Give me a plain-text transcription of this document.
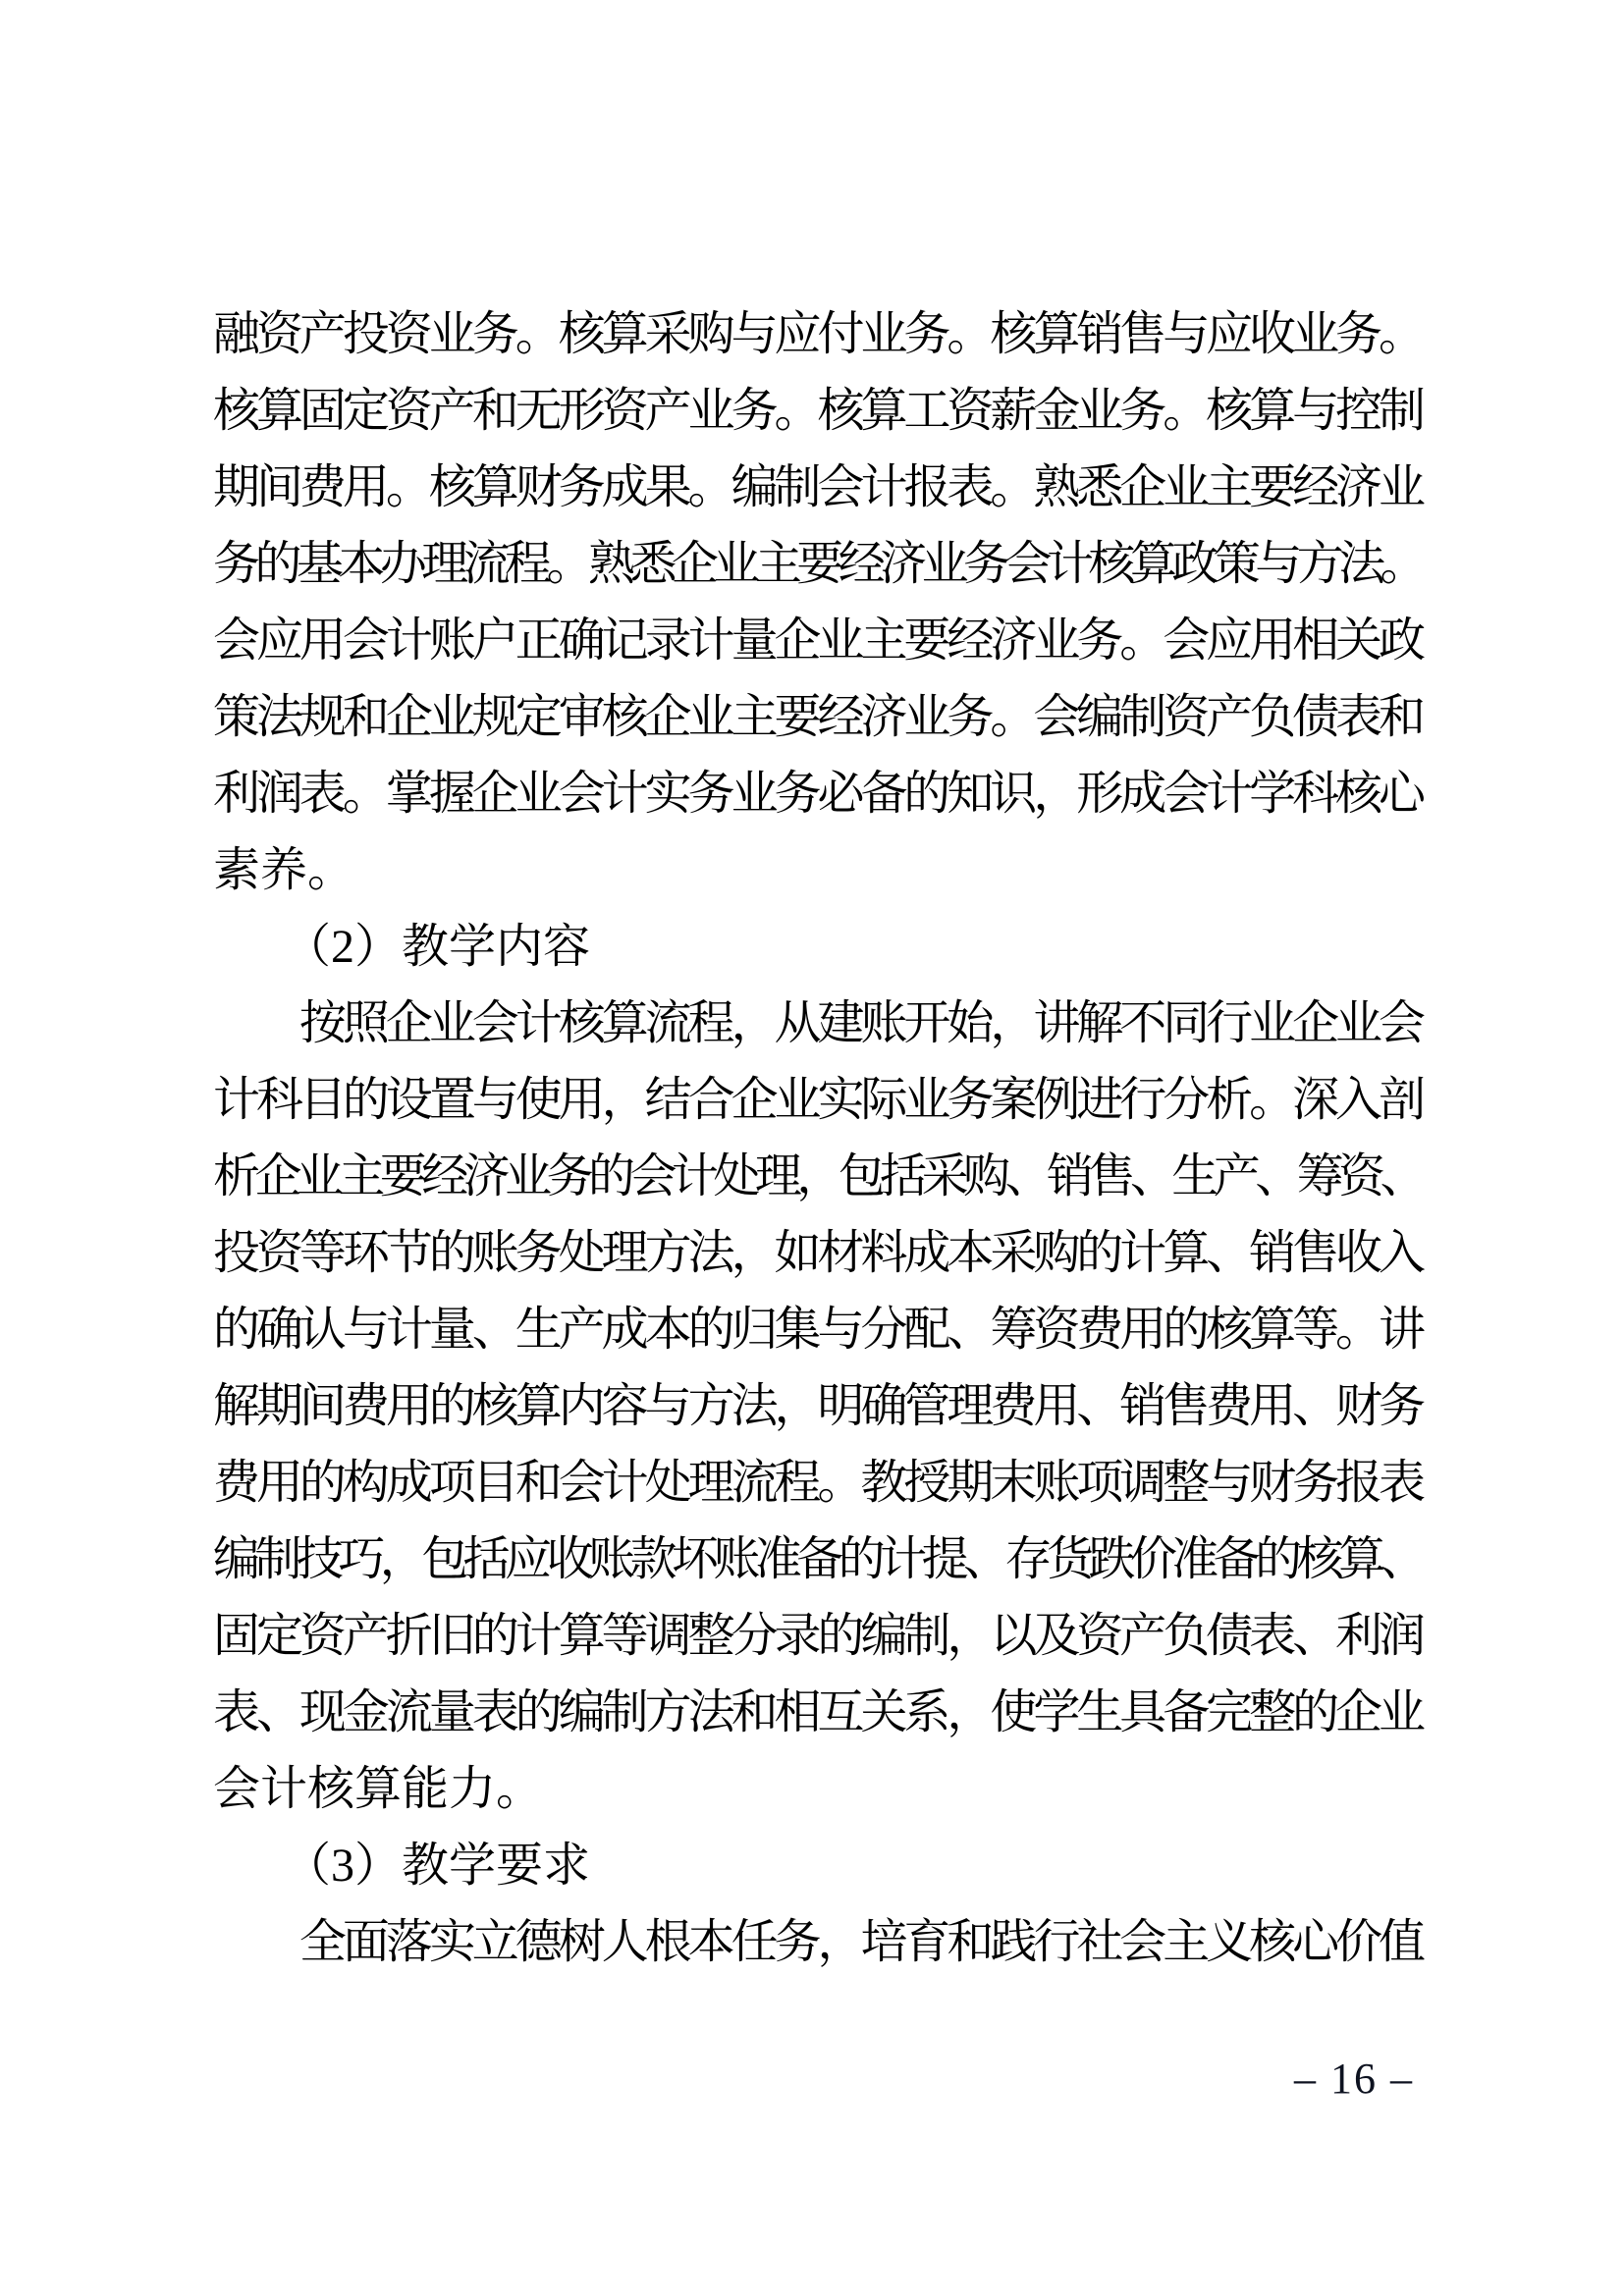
融资产投资业务。核算采购与应付业务。核算销售与应收业务。
核算固定资产和无形资产业务。核算工资薪金业务。核算与控制
期间费用。核算财务成果。编制会计报表。熟悉企业主要经济业
务的基本办理流程。熟悉企业主要经济业务会计核算政策与方法。
会应用会计账户正确记录计量企业主要经济业务。会应用相关政
策法规和企业规定审核企业主要经济业务。会编制资产负债表和
利润表。掌握企业会计实务业务必备的知识，形成会计学科核心
素养。
　　（2）教学内容
　　按照企业会计核算流程，从建账开始，讲解不同行业企业会
计科目的设置与使用，结合企业实际业务案例进行分析。深入剖
析企业主要经济业务的会计处理，包括采购、销售、生产、筹资、
投资等环节的账务处理方法，如材料成本采购的计算、销售收入
的确认与计量、生产成本的归集与分配、筹资费用的核算等。讲
解期间费用的核算内容与方法，明确管理费用、销售费用、财务
费用的构成项目和会计处理流程。教授期末账项调整与财务报表
编制技巧，包括应收账款坏账准备的计提、存货跌价准备的核算、
固定资产折旧的计算等调整分录的编制，以及资产负债表、利润
表、现金流量表的编制方法和相互关系，使学生具备完整的企业
会计核算能力。
　　（3）教学要求
　　全面落实立德树人根本任务，培育和践行社会主义核心价值
– 16 –
